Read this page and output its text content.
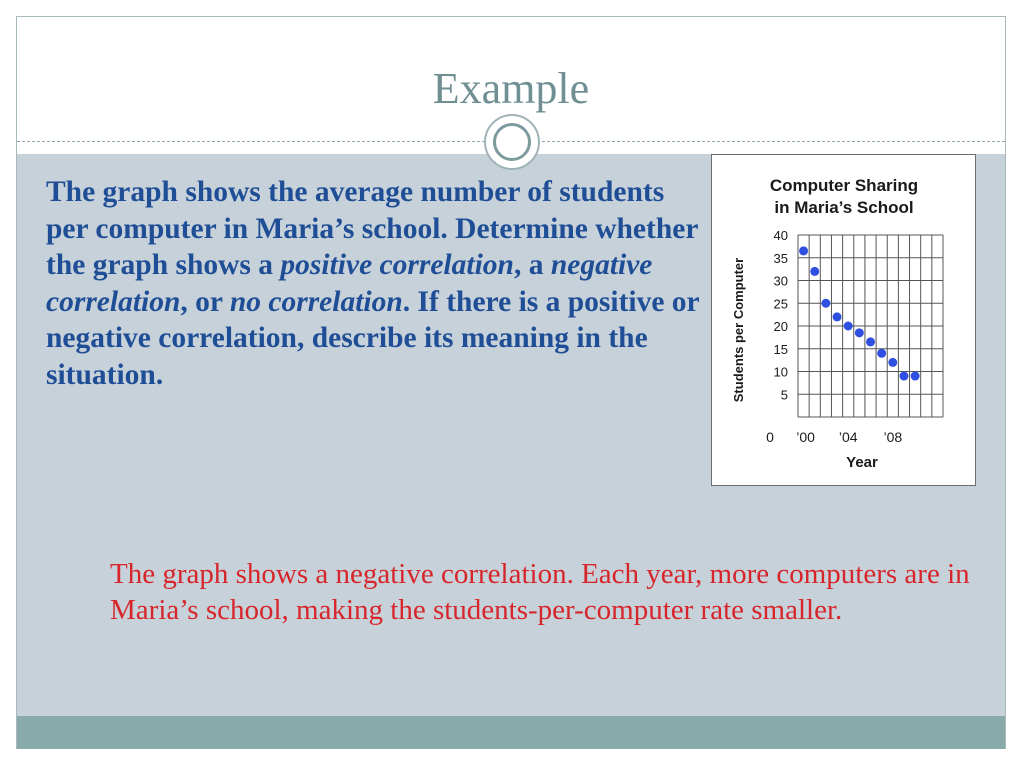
Example
The graph shows the average number of students per computer in Maria’s school. Determine whether the graph shows a positive correlation, a negative correlation, or no correlation. If there is a positive or negative correlation, describe its meaning in the situation.
The graph shows a negative correlation. Each year, more computers are in Maria’s school, making the students-per-computer rate smaller.
Computer Sharing
in Maria’s School
5
10
15
20
25
30
35
40
0 ’00 ’04 ’08
Students per Computer
Year
